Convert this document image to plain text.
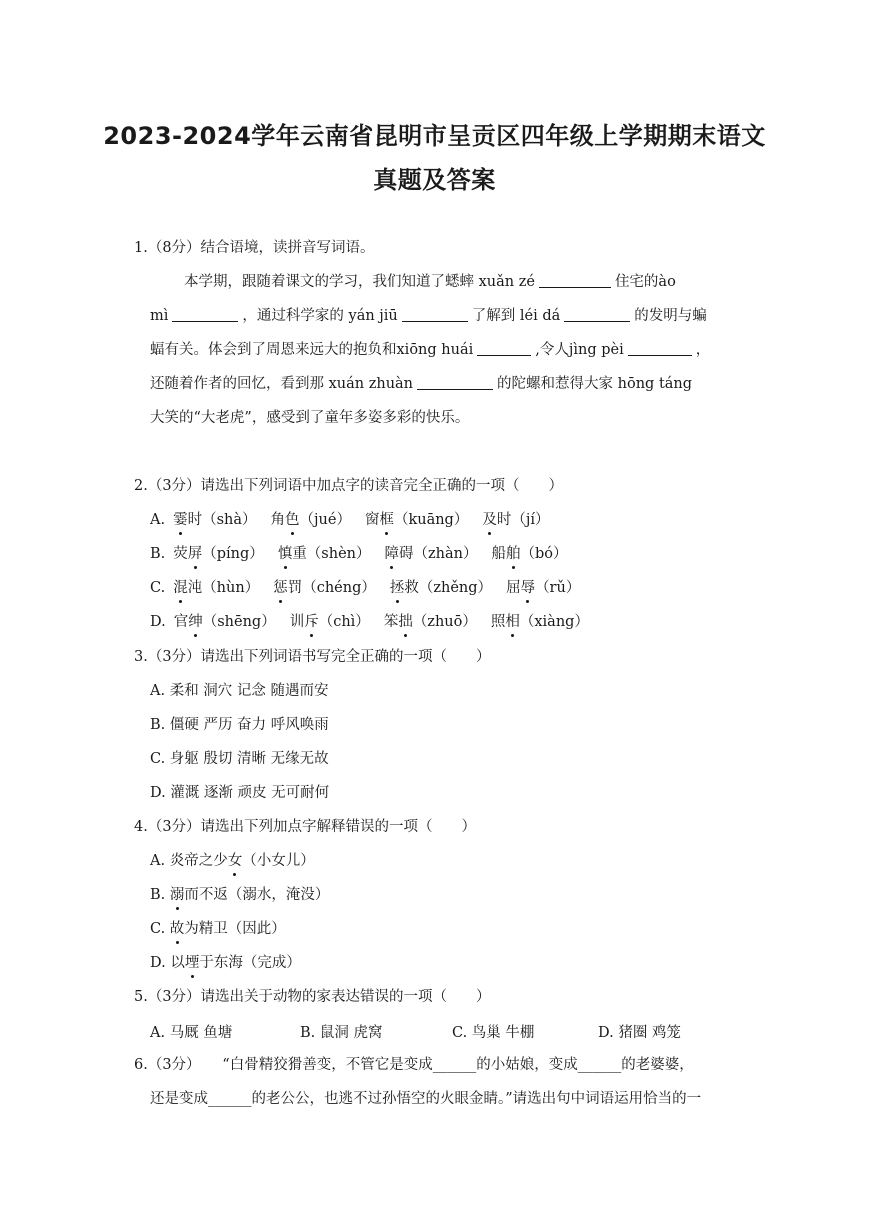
2023-2024学年云南省昆明市呈贡区四年级上学期期末语文
真题及答案
1.（8分）结合语境，读拼音写词语。
本学期，跟随着课文的学习，我们知道了蟋蟀 xuǎn zé	住宅的ào
mì	，通过科学家的 yán jiū	了解到 léi dá	的发明与蝙
蝠有关。体会到了周恩来远大的抱负和xiōng huái	,令人jìng pèi	，
还随着作者的回忆，看到那 xuán zhuàn	的陀螺和惹得大家 hōng táng
大笑的“大老虎”，感受到了童年多姿多彩的快乐。
2.（3分）请选出下列词语中加点字的读音完全正确的一项（　　）
A. 霎时（shà） 角色（jué） 窗框（kuāng） 及时（jí）
B. 荧屏（píng） 慎重（shèn） 障碍（zhàn） 船舶（bó）
C. 混沌（hùn） 惩罚（chéng） 拯救（zhěng） 屈辱（rǔ）
D. 官绅（shēng） 训斥（chì） 笨拙（zhuō） 照相（xiàng）
3.（3分）请选出下列词语书写完全正确的一项（　　）
A. 柔和 洞穴 记念 随遇而安
B. 僵硬 严历 奋力 呼风唤雨
C. 身躯 殷切 清晰 无缘无故
D. 灌溉 逐渐 顽皮 无可耐何
4.（3分）请选出下列加点字解释错误的一项（　　）
A. 炎帝之少女（小女儿）
B. 溺而不返（溺水，淹没）
C. 故为精卫（因此）
D. 以堙于东海（完成）
5.（3分）请选出关于动物的家表达错误的一项（　　）
A. 马厩 鱼塘	B. 鼠洞 虎窝	C. 鸟巢 牛棚	D. 猪圈 鸡笼
6.（3分）　　“白骨精狡猾善变，不管它是变成______的小姑娘，变成______的老婆婆，
还是变成______的老公公，也逃不过孙悟空的火眼金睛。”请选出句中词语运用恰当的一
